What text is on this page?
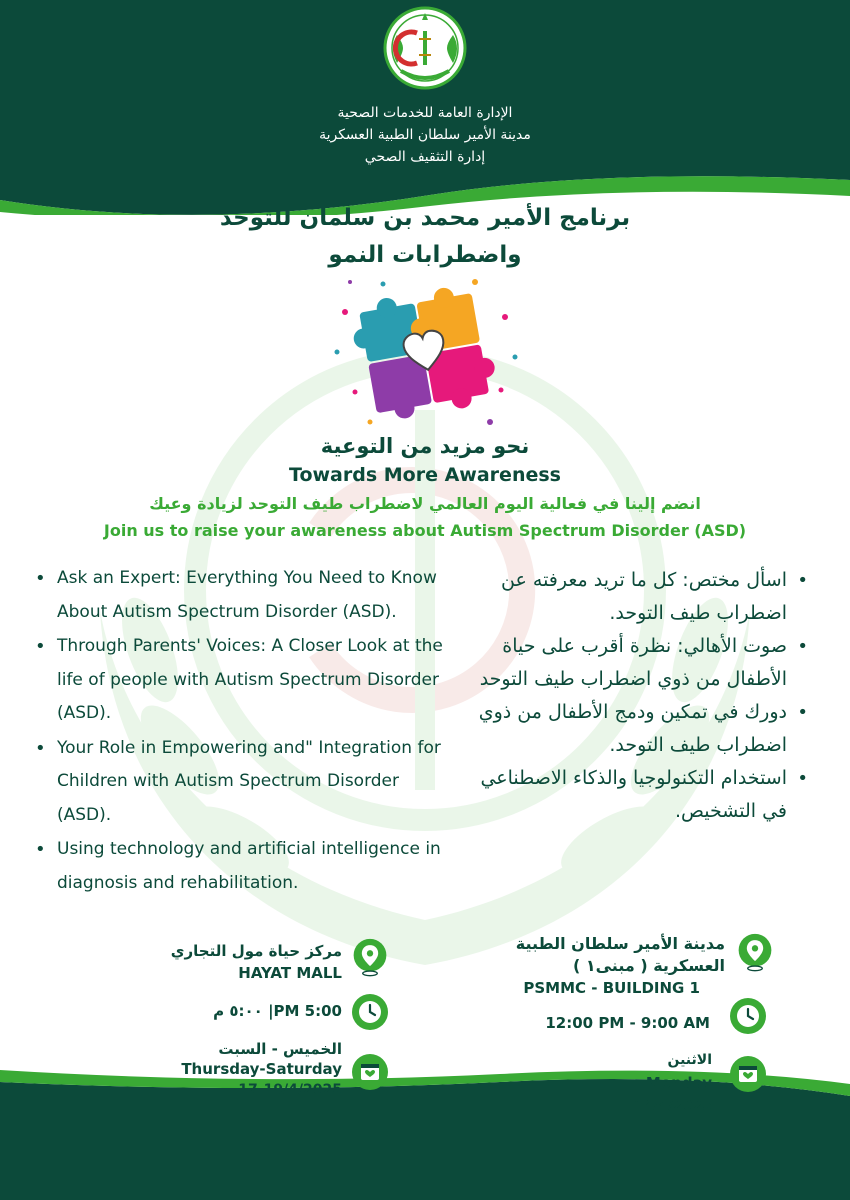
الإدارة العامة للخدمات الصحية
مدينة الأمير سلطان الطبية العسكرية
إدارة التثقيف الصحي
برنامج الأمير محمد بن سلمان للتوحد
واضطرابات النمو
نحو مزيد من التوعية
Towards More Awareness
انضم إلينا في فعالية اليوم العالمي لاضطراب طيف التوحد لزيادة وعيك
Join us to raise your awareness about Autism Spectrum Disorder (ASD)
• Ask an Expert: Everything You Need to Know About Autism Spectrum Disorder (ASD).
• Through Parents' Voices: A Closer Look at the life of people with Autism Spectrum Disorder (ASD).
• Your Role in Empowering and" Integration for Children with Autism Spectrum Disorder (ASD).
• Using technology and artificial intelligence in diagnosis and rehabilitation.
• اسأل مختص: كل ما تريد معرفته عن اضطراب طيف التوحد.
• صوت الأهالي: نظرة أقرب على حياة الأطفال من ذوي اضطراب طيف التوحد
• دورك في تمكين ودمج الأطفال من ذوي اضطراب طيف التوحد.
• استخدام التكنولوجيا والذكاء الاصطناعي في التشخيص.
مركز حياة مول التجاري
HAYAT MALL
٥:٠٠ م |PM 5:00
الخميس - السبت
Thursday-Saturday
17-19/4/2025
مدينة الأمير سلطان الطبية
العسكرية ( مبنى١ )
PSMMC - BUILDING 1
12:00 PM - 9:00 AM
الاثنين
Monday
14/4/2025
